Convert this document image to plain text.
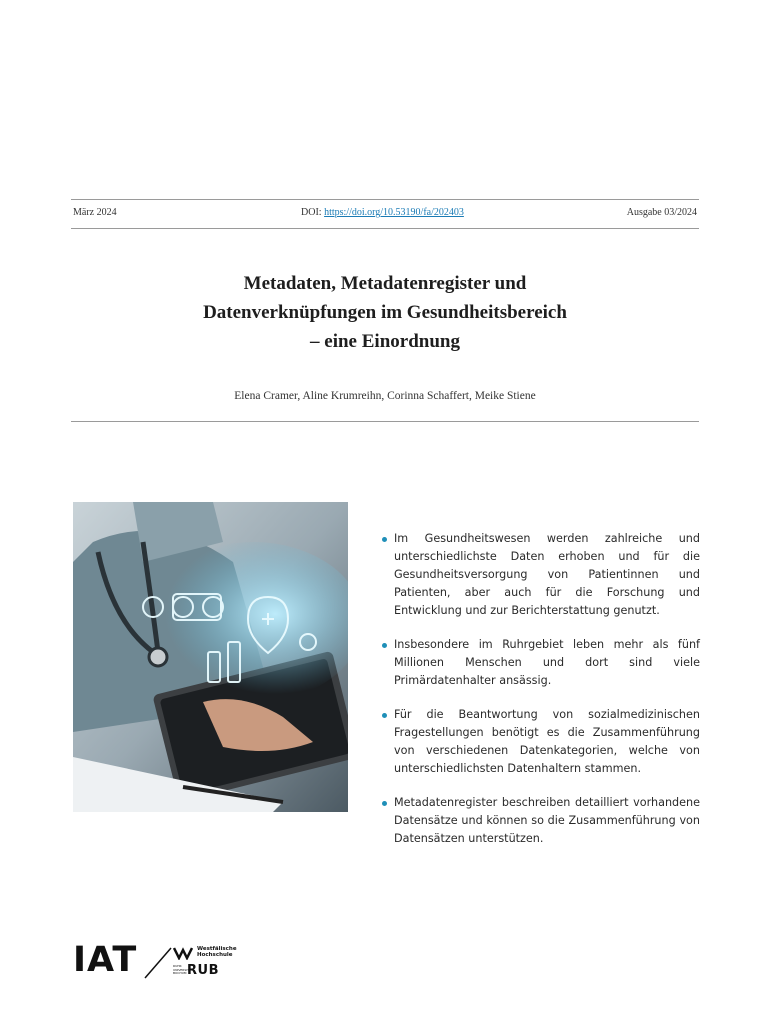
März 2024	DOI: https://doi.org/10.53190/fa/202403	Ausgabe 03/2024
Metadaten, Metadatenregister und
Datenverknüpfungen im Gesundheitsbereich
– eine Einordnung
Elena Cramer, Aline Krumreihn, Corinna Schaffert, Meike Stiene
Im Gesundheitswesen werden zahlreiche und unterschiedlichste Daten erhoben und für die Gesundheitsversorgung von Patientinnen und Patienten, aber auch für die Forschung und Entwicklung und zur Berichterstattung genutzt.
Insbesondere im Ruhrgebiet leben mehr als fünf Millionen Menschen und dort sind viele Primärdatenhalter ansässig.
Für die Beantwortung von sozialmedizinischen Fragestellungen benötigt es die Zusammenführung von verschiedenen Datenkategorien, welche von unterschiedlichsten Datenhaltern stammen.
Metadatenregister beschreiben detailliert vorhandene Datensätze und können so die Zusammenführung von Datensätzen unterstützen.
IAT	Westfälische
Hochschule
RUHR UNIVERSITÄT BOCHUM RUB
